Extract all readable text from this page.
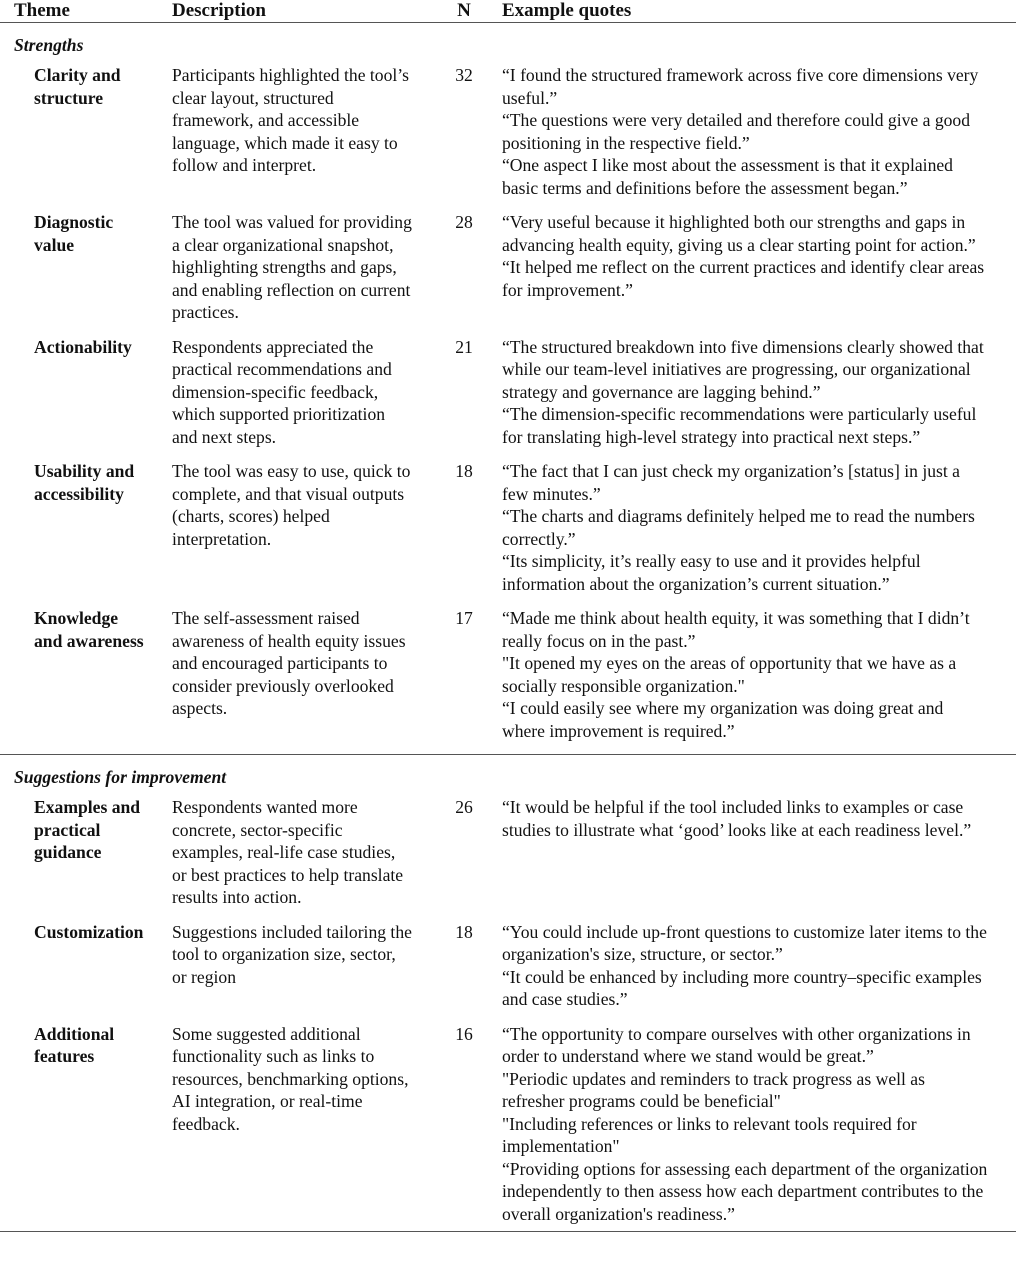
Theme	Description	N	Example quotes
Strengths			
Clarity and structure	Participants highlighted the tool’s clear layout, structured framework, and accessible language, which made it easy to follow and interpret.	32	“I found the structured framework across five core dimensions very useful.”
“The questions were very detailed and therefore could give a good positioning in the respective field.”
“One aspect I like most about the assessment is that it explained basic terms and definitions before the assessment began.”

Diagnostic value	The tool was valued for providing a clear organizational snapshot, highlighting strengths and gaps, and enabling reflection on current practices.	28	“Very useful because it highlighted both our strengths and gaps in advancing health equity, giving us a clear starting point for action.”
“It helped me reflect on the current practices and identify clear areas for improvement.”

Actionability	Respondents appreciated the practical recommendations and dimension-specific feedback, which supported prioritization and next steps.	21	“The structured breakdown into five dimensions clearly showed that while our team-level initiatives are progressing, our organizational strategy and governance are lagging behind.”
“The dimension-specific recommendations were particularly useful for translating high-level strategy into practical next steps.”

Usability and accessibility	The tool was easy to use, quick to complete, and that visual outputs (charts, scores) helped interpretation.	18	“The fact that I can just check my organization’s [status] in just a few minutes.”
“The charts and diagrams definitely helped me to read the numbers correctly.”
“Its simplicity, it’s really easy to use and it provides helpful information about the organization’s current situation.”

Knowledge and awareness	The self-assessment raised awareness of health equity issues and encouraged participants to consider previously overlooked aspects.	17	“Made me think about health equity, it was something that I didn’t really focus on in the past.”
"It opened my eyes on the areas of opportunity that we have as a socially responsible organization."
“I could easily see where my organization was doing great and where improvement is required.”

Suggestions for improvement			
Examples and practical guidance	Respondents wanted more concrete, sector-specific examples, real-life case studies, or best practices to help translate results into action.	26	“It would be helpful if the tool included links to examples or case studies to illustrate what ‘good’ looks like at each readiness level.”

Customization	Suggestions included tailoring the tool to organization size, sector, or region	18	“You could include up-front questions to customize later items to the organization's size, structure, or sector.”
“It could be enhanced by including more country–specific examples and case studies.”

Additional features	Some suggested additional functionality such as links to resources, benchmarking options, AI integration, or real-time feedback.	16	“The opportunity to compare ourselves with other organizations in order to understand where we stand would be great.”
"Periodic updates and reminders to track progress as well as refresher programs could be beneficial"
"Including references or links to relevant tools required for implementation"
“Providing options for assessing each department of the organization independently to then assess how each department contributes to the overall organization's readiness.”
